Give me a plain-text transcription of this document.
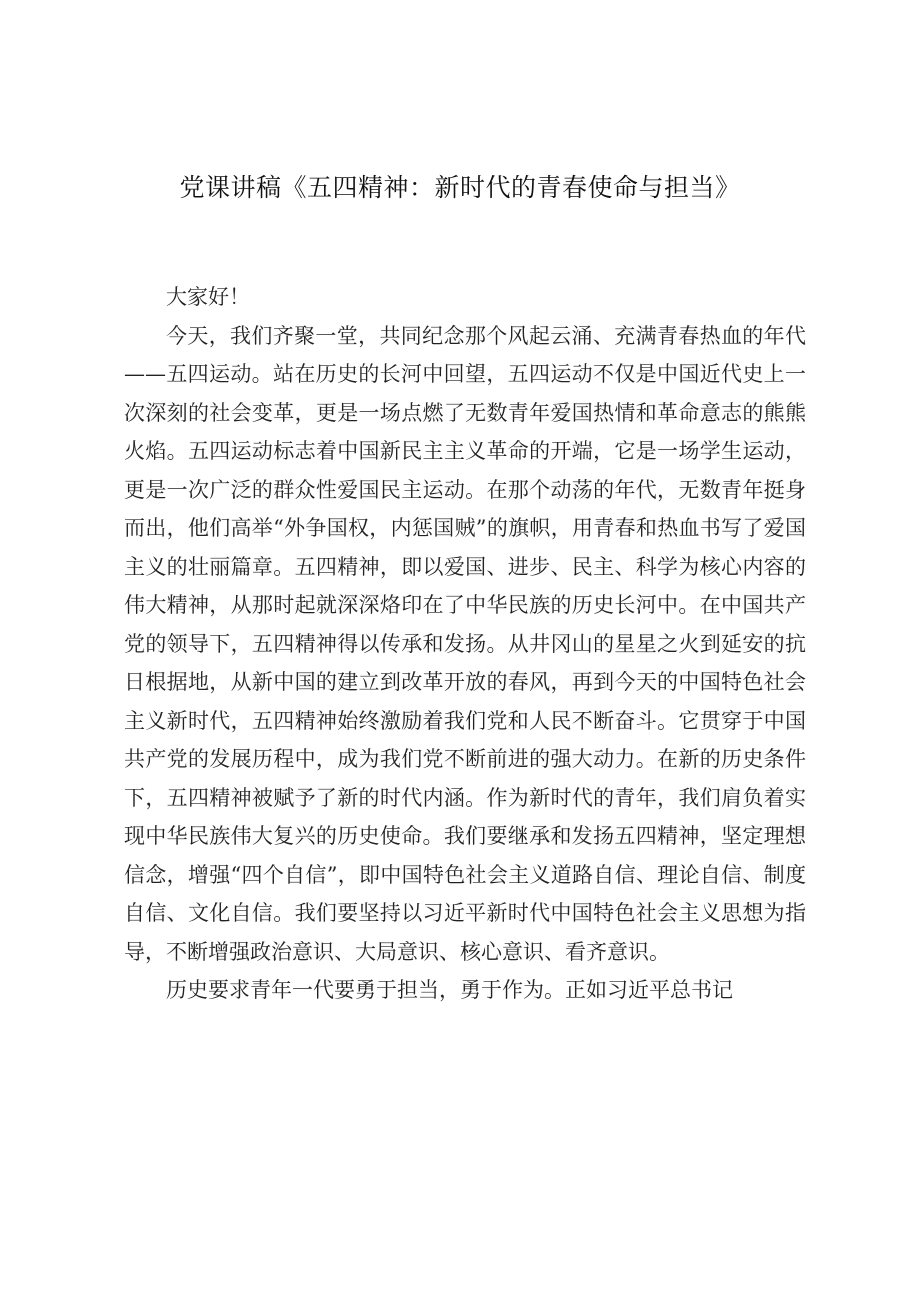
党课讲稿《五四精神：新时代的青春使命与担当》

大家好！

今天，我们齐聚一堂，共同纪念那个风起云涌、充满青春热血的年代——五四运动。站在历史的长河中回望，五四运动不仅是中国近代史上一次深刻的社会变革，更是一场点燃了无数青年爱国热情和革命意志的熊熊火焰。五四运动标志着中国新民主主义革命的开端，它是一场学生运动，更是一次广泛的群众性爱国民主运动。在那个动荡的年代，无数青年挺身而出，他们高举“外争国权，内惩国贼”的旗帜，用青春和热血书写了爱国主义的壮丽篇章。五四精神，即以爱国、进步、民主、科学为核心内容的伟大精神，从那时起就深深烙印在了中华民族的历史长河中。在中国共产党的领导下，五四精神得以传承和发扬。从井冈山的星星之火到延安的抗日根据地，从新中国的建立到改革开放的春风，再到今天的中国特色社会主义新时代，五四精神始终激励着我们党和人民不断奋斗。它贯穿于中国共产党的发展历程中，成为我们党不断前进的强大动力。在新的历史条件下，五四精神被赋予了新的时代内涵。作为新时代的青年，我们肩负着实现中华民族伟大复兴的历史使命。我们要继承和发扬五四精神，坚定理想信念，增强“四个自信”，即中国特色社会主义道路自信、理论自信、制度自信、文化自信。我们要坚持以习近平新时代中国特色社会主义思想为指导，不断增强政治意识、大局意识、核心意识、看齐意识。

历史要求青年一代要勇于担当，勇于作为。正如习近平总书记
